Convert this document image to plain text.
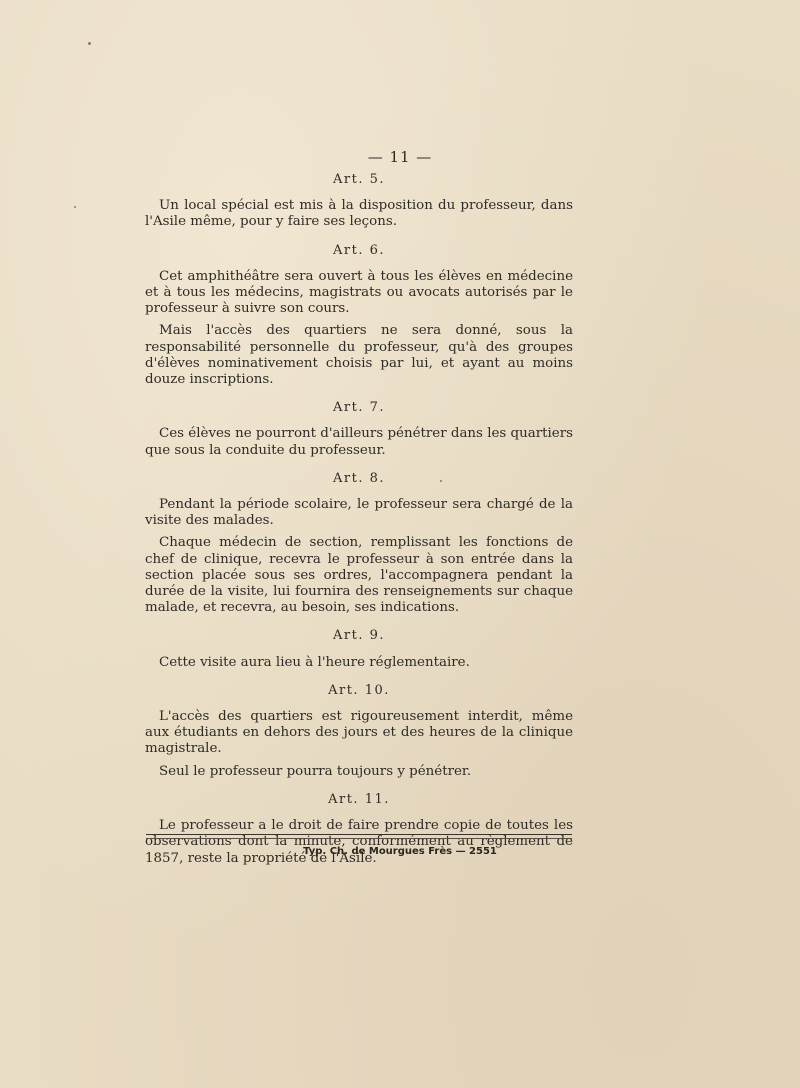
— 11 —
Art. 5.

Un local spécial est mis à la disposition du professeur, dans l'Asile même, pour y faire ses leçons.

Art. 6.

Cet amphithéâtre sera ouvert à tous les élèves en médecine et à tous les médecins, magistrats ou avocats autorisés par le professeur à suivre son cours.

Mais l'accès des quartiers ne sera donné, sous la responsabilité personnelle du professeur, qu'à des groupes d'élèves nominativement choisis par lui, et ayant au moins douze inscriptions.

Art. 7.

Ces élèves ne pourront d'ailleurs pénétrer dans les quartiers que sous la conduite du professeur.

Art. 8.

Pendant la période scolaire, le professeur sera chargé de la visite des malades.

Chaque médecin de section, remplissant les fonctions de chef de clinique, recevra le professeur à son entrée dans la section placée sous ses ordres, l'accompagnera pendant la durée de la visite, lui fournira des renseignements sur chaque malade, et recevra, au besoin, ses indications.

Art. 9.

Cette visite aura lieu à l'heure réglementaire.

Art. 10.

L'accès des quartiers est rigoureusement interdit, même aux étudiants en dehors des jours et des heures de la clinique magistrale.

Seul le professeur pourra toujours y pénétrer.

Art. 11.

Le professeur a le droit de faire prendre copie de toutes les observations dont la minute, conformément au règlement de 1857, reste la propriété de l'Asile.

Typ. Ch. de Mourgues Frès — 2551
